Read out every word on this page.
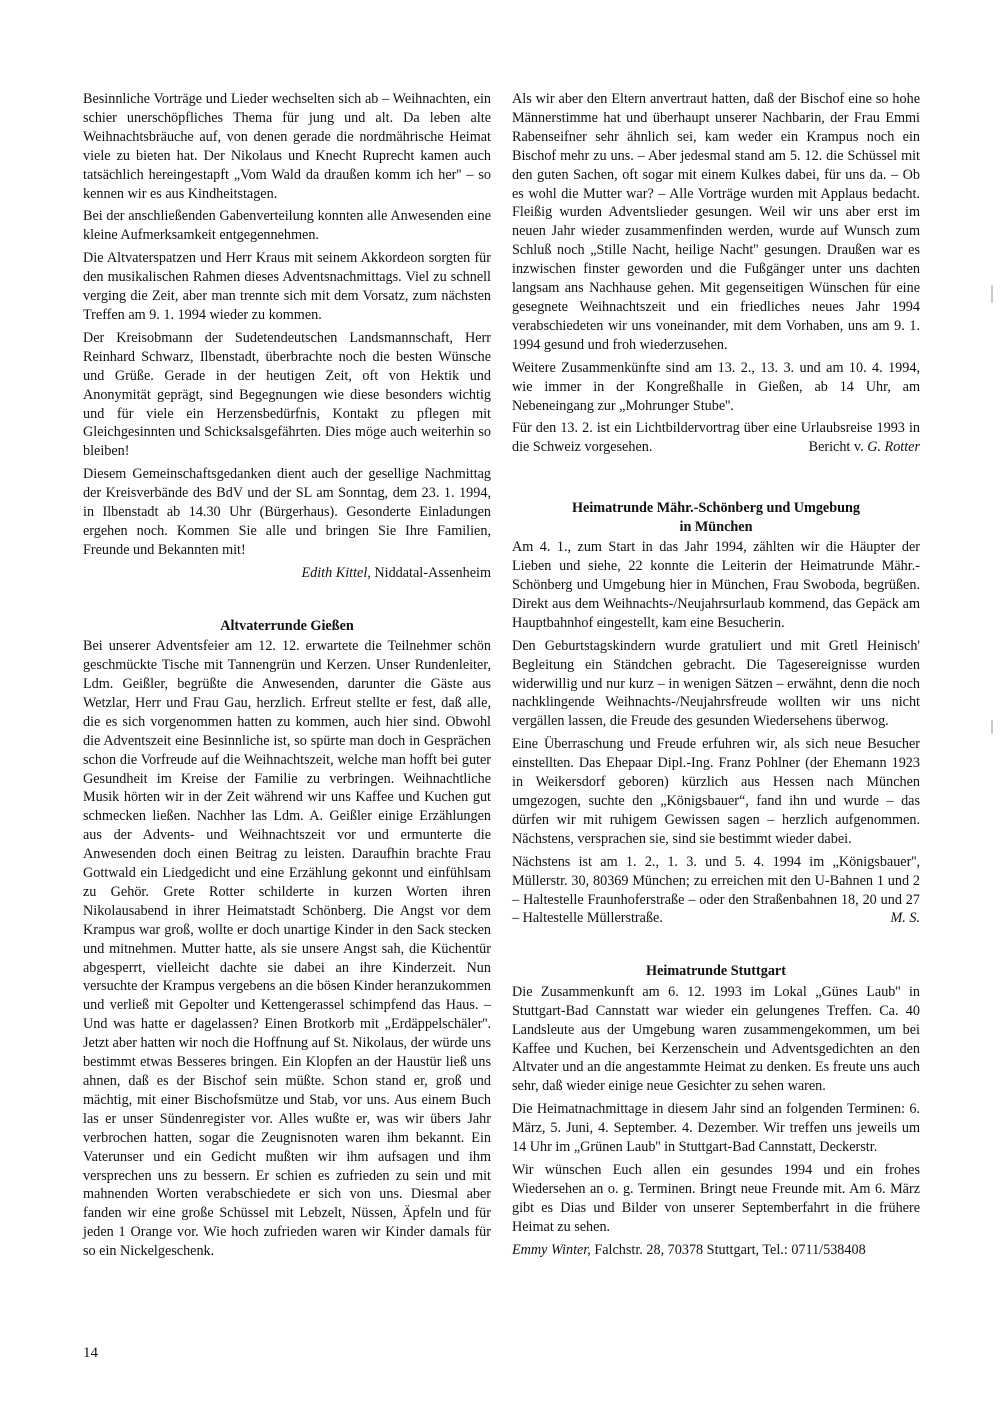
Besinnliche Vorträge und Lieder wechselten sich ab – Weihnachten, ein schier unerschöpfliches Thema für jung und alt. Da leben alte Weihnachtsbräuche auf, von denen gerade die nordmährische Heimat viele zu bieten hat. Der Nikolaus und Knecht Ruprecht kamen auch tatsächlich hereingestapft „Vom Wald da draußen komm ich her'' – so kennen wir es aus Kindheitstagen.

Bei der anschließenden Gabenverteilung konnten alle Anwesenden eine kleine Aufmerksamkeit entgegennehmen.

Die Altvaterspatzen und Herr Kraus mit seinem Akkordeon sorgten für den musikalischen Rahmen dieses Adventsnachmittags. Viel zu schnell verging die Zeit, aber man trennte sich mit dem Vorsatz, zum nächsten Treffen am 9. 1. 1994 wieder zu kommen.

Der Kreisobmann der Sudetendeutschen Landsmannschaft, Herr Reinhard Schwarz, Ilbenstadt, überbrachte noch die besten Wünsche und Grüße. Gerade in der heutigen Zeit, oft von Hektik und Anonymität geprägt, sind Begegnungen wie diese besonders wichtig und für viele ein Herzensbedürfnis, Kontakt zu pflegen mit Gleichgesinnten und Schicksalsgefährten. Dies möge auch weiterhin so bleiben!

Diesem Gemeinschaftsgedanken dient auch der gesellige Nachmittag der Kreisverbände des BdV und der SL am Sonntag, dem 23. 1. 1994, in Ilbenstadt ab 14.30 Uhr (Bürgerhaus). Gesonderte Einladungen ergehen noch. Kommen Sie alle und bringen Sie Ihre Familien, Freunde und Bekannten mit!

Edith Kittel, Niddatal-Assenheim
Altvaterrunde Gießen

Bei unserer Adventsfeier am 12. 12. erwartete die Teilnehmer schön geschmückte Tische mit Tannengrün und Kerzen. Unser Rundenleiter, Ldm. Geißler, begrüßte die Anwesenden, darunter die Gäste aus Wetzlar, Herr und Frau Gau, herzlich. Erfreut stellte er fest, daß alle, die es sich vorgenommen hatten zu kommen, auch hier sind. Obwohl die Adventszeit eine Besinnliche ist, so spürte man doch in Gesprächen schon die Vorfreude auf die Weihnachtszeit, welche man hofft bei guter Gesundheit im Kreise der Familie zu verbringen. Weihnachtliche Musik hörten wir in der Zeit während wir uns Kaffee und Kuchen gut schmecken ließen. Nachher las Ldm. A. Geißler einige Erzählungen aus der Advents- und Weihnachtszeit vor und ermunterte die Anwesenden doch einen Beitrag zu leisten. Daraufhin brachte Frau Gottwald ein Liedgedicht und eine Erzählung gekonnt und einfühlsam zu Gehör. Grete Rotter schilderte in kurzen Worten ihren Nikolausabend in ihrer Heimatstadt Schönberg. Die Angst vor dem Krampus war groß, wollte er doch unartige Kinder in den Sack stecken und mitnehmen. Mutter hatte, als sie unsere Angst sah, die Küchentür abgesperrt, vielleicht dachte sie dabei an ihre Kinderzeit. Nun versuchte der Krampus vergebens an die bösen Kinder heranzukommen und verließ mit Gepolter und Kettengerassel schimpfend das Haus. – Und was hatte er dagelassen? Einen Brotkorb mit „Erdäppelschäler''. Jetzt aber hatten wir noch die Hoffnung auf St. Nikolaus, der würde uns bestimmt etwas Besseres bringen. Ein Klopfen an der Haustür ließ uns ahnen, daß es der Bischof sein müßte. Schon stand er, groß und mächtig, mit einer Bischofsmütze und Stab, vor uns. Aus einem Buch las er unser Sündenregister vor. Alles wußte er, was wir übers Jahr verbrochen hatten, sogar die Zeugnisnoten waren ihm bekannt. Ein Vaterunser und ein Gedicht mußten wir ihm aufsagen und ihm versprechen uns zu bessern. Er schien es zufrieden zu sein und mit mahnenden Worten verabschiedete er sich von uns. Diesmal aber fanden wir eine große Schüssel mit Lebzelt, Nüssen, Äpfeln und für jeden 1 Orange vor. Wie hoch zufrieden waren wir Kinder damals für so ein Nickelgeschenk.

Als wir aber den Eltern anvertraut hatten, daß der Bischof eine so hohe Männerstimme hat und überhaupt unserer Nachbarin, der Frau Emmi Rabenseifner sehr ähnlich sei, kam weder ein Krampus noch ein Bischof mehr zu uns. – Aber jedesmal stand am 5. 12. die Schüssel mit den guten Sachen, oft sogar mit einem Kulkes dabei, für uns da. – Ob es wohl die Mutter war? – Alle Vorträge wurden mit Applaus bedacht. Fleißig wurden Adventslieder gesungen. Weil wir uns aber erst im neuen Jahr wieder zusammenfinden werden, wurde auf Wunsch zum Schluß noch „Stille Nacht, heilige Nacht'' gesungen. Draußen war es inzwischen finster geworden und die Fußgänger unter uns dachten langsam ans Nachhause gehen. Mit gegenseitigen Wünschen für eine gesegnete Weihnachtszeit und ein friedliches neues Jahr 1994 verabschiedeten wir uns voneinander, mit dem Vorhaben, uns am 9. 1. 1994 gesund und froh wiederzusehen.

Weitere Zusammenkünfte sind am 13. 2., 13. 3. und am 10. 4. 1994, wie immer in der Kongreßhalle in Gießen, ab 14 Uhr, am Nebeneingang zur „Mohrunger Stube''.

Für den 13. 2. ist ein Lichtbildervortrag über eine Urlaubsreise 1993 in die Schweiz vorgesehen.	Bericht v. G. Rotter

Heimatrunde Mähr.-Schönberg und Umgebung
in München

Am 4. 1., zum Start in das Jahr 1994, zählten wir die Häupter der Lieben und siehe, 22 konnte die Leiterin der Heimatrunde Mähr.-Schönberg und Umgebung hier in München, Frau Swoboda, begrüßen. Direkt aus dem Weihnachts-/Neujahrsurlaub kommend, das Gepäck am Hauptbahnhof eingestellt, kam eine Besucherin.

Den Geburtstagskindern wurde gratuliert und mit Gretl Heinisch' Begleitung ein Ständchen gebracht. Die Tagesereignisse wurden widerwillig und nur kurz – in wenigen Sätzen – erwähnt, denn die noch nachklingende Weihnachts-/Neujahrsfreude wollten wir uns nicht vergällen lassen, die Freude des gesunden Wiedersehens überwog.

Eine Überraschung und Freude erfuhren wir, als sich neue Besucher einstellten. Das Ehepaar Dipl.-Ing. Franz Pohlner (der Ehemann 1923 in Weikersdorf geboren) kürzlich aus Hessen nach München umgezogen, suchte den „Königsbauer“, fand ihn und wurde – das dürfen wir mit ruhigem Gewissen sagen – herzlich aufgenommen. Nächstens, versprachen sie, sind sie bestimmt wieder dabei.

Nächstens ist am 1. 2., 1. 3. und 5. 4. 1994 im „Königsbauer'', Müllerstr. 30, 80369 München; zu erreichen mit den U-Bahnen 1 und 2 – Haltestelle Fraunhoferstraße – oder den Straßenbahnen 18, 20 und 27 – Haltestelle Müllerstraße.	M. S.

Heimatrunde Stuttgart

Die Zusammenkunft am 6. 12. 1993 im Lokal „Günes Laub'' in Stuttgart-Bad Cannstatt war wieder ein gelungenes Treffen. Ca. 40 Landsleute aus der Umgebung waren zusammengekommen, um bei Kaffee und Kuchen, bei Kerzenschein und Adventsgedichten an den Altvater und an die angestammte Heimat zu denken. Es freute uns auch sehr, daß wieder einige neue Gesichter zu sehen waren.

Die Heimatnachmittage in diesem Jahr sind an folgenden Terminen: 6. März, 5. Juni, 4. September. 4. Dezember. Wir treffen uns jeweils um 14 Uhr im „Grünen Laub'' in Stuttgart-Bad Cannstatt, Deckerstr.

Wir wünschen Euch allen ein gesundes 1994 und ein frohes Wiedersehen an o. g. Terminen. Bringt neue Freunde mit. Am 6. März gibt es Dias und Bilder von unserer Septemberfahrt in die frühere Heimat zu sehen.

Emmy Winter, Falchstr. 28, 70378 Stuttgart, Tel.: 0711/538408
14
